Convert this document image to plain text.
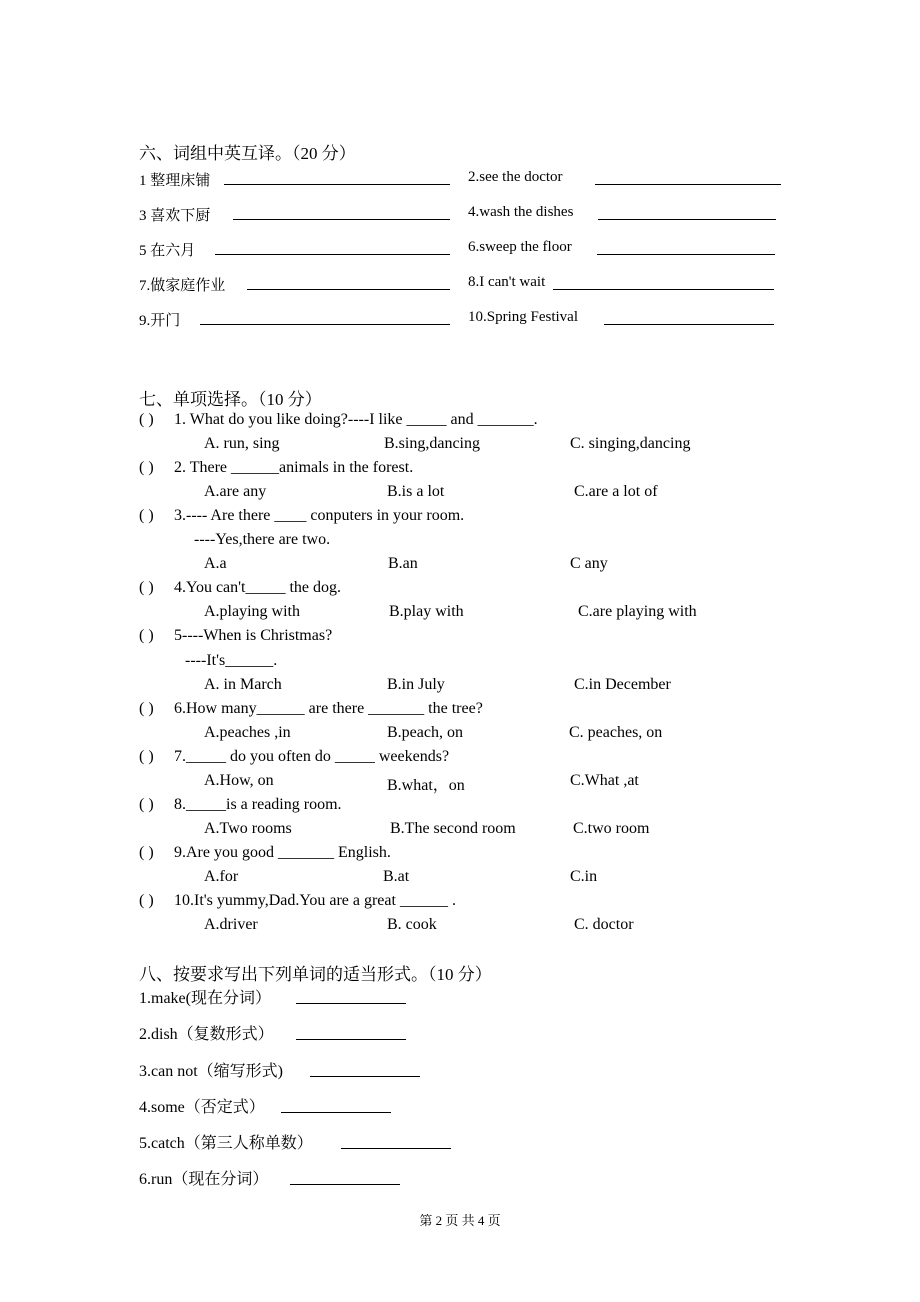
六、词组中英互译。（20 分）
1 整理床铺	2.see the doctor
3 喜欢下厨	4.wash the dishes
5 在六月	6.sweep the floor
7.做家庭作业	8.I can't wait
9.开门	10.Spring Festival
七、单项选择。（10 分）
( ) 1. What do you like doing?----I like _____ and _______.
A. run, sing	B.sing,dancing	C. singing,dancing
( ) 2. There ______animals in the forest.
A.are any	B.is a lot	C.are a lot of
( ) 3.---- Are there ____ conputers in your room.
----Yes,there are two.
A.a	B.an	C any
( ) 4.You can't_____ the dog.
A.playing with	B.play with	C.are playing with
( ) 5----When is Christmas?
----It's______.
A. in March	B.in July	C.in December
( ) 6.How many______ are there _______ the tree?
A.peaches ,in	B.peach, on	C. peaches, on
( ) 7._____ do you often do _____ weekends?
A.How, on	B.what，on	C.What ,at
( ) 8._____is a reading room.
A.Two rooms	B.The second room	C.two room
( ) 9.Are you good _______ English.
A.for	B.at	C.in
( ) 10.It's yummy,Dad.You are a great ______ .
A.driver	B. cook	C. doctor
八、按要求写出下列单词的适当形式。（10 分）
1.make(现在分词）
2.dish（复数形式）
3.can not（缩写形式)
4.some（否定式）
5.catch（第三人称单数）
6.run（现在分词）
第 2 页 共 4 页
